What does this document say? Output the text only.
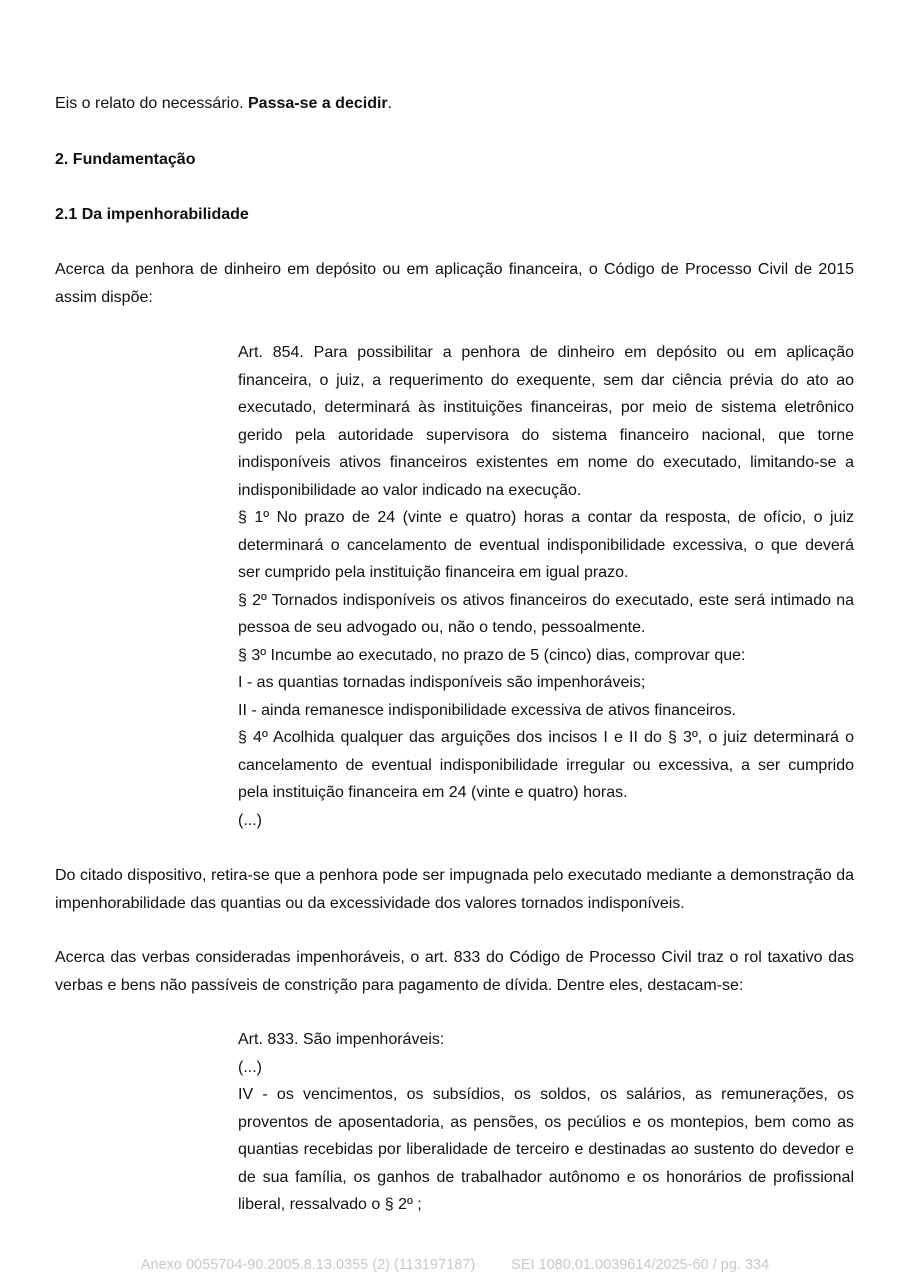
Eis o relato do necessário. Passa-se a decidir.

2. Fundamentação

2.1 Da impenhorabilidade

Acerca da penhora de dinheiro em depósito ou em aplicação financeira, o Código de Processo Civil de 2015 assim dispõe:

Art. 854. Para possibilitar a penhora de dinheiro em depósito ou em aplicação financeira, o juiz, a requerimento do exequente, sem dar ciência prévia do ato ao executado, determinará às instituições financeiras, por meio de sistema eletrônico gerido pela autoridade supervisora do sistema financeiro nacional, que torne indisponíveis ativos financeiros existentes em nome do executado, limitando-se a indisponibilidade ao valor indicado na execução.

§ 1º No prazo de 24 (vinte e quatro) horas a contar da resposta, de ofício, o juiz determinará o cancelamento de eventual indisponibilidade excessiva, o que deverá ser cumprido pela instituição financeira em igual prazo.

§ 2º Tornados indisponíveis os ativos financeiros do executado, este será intimado na pessoa de seu advogado ou, não o tendo, pessoalmente.

§ 3º Incumbe ao executado, no prazo de 5 (cinco) dias, comprovar que:

I - as quantias tornadas indisponíveis são impenhoráveis;

II - ainda remanesce indisponibilidade excessiva de ativos financeiros.

§ 4º Acolhida qualquer das arguições dos incisos I e II do § 3º, o juiz determinará o cancelamento de eventual indisponibilidade irregular ou excessiva, a ser cumprido pela instituição financeira em 24 (vinte e quatro) horas.

(...)

Do citado dispositivo, retira-se que a penhora pode ser impugnada pelo executado mediante a demonstração da impenhorabilidade das quantias ou da excessividade dos valores tornados indisponíveis.

Acerca das verbas consideradas impenhoráveis, o art. 833 do Código de Processo Civil traz o rol taxativo das verbas e bens não passíveis de constrição para pagamento de dívida. Dentre eles, destacam-se:

Art. 833. São impenhoráveis:

(...)

IV - os vencimentos, os subsídios, os soldos, os salários, as remunerações, os proventos de aposentadoria, as pensões, os pecúlios e os montepios, bem como as quantias recebidas por liberalidade de terceiro e destinadas ao sustento do devedor e de sua família, os ganhos de trabalhador autônomo e os honorários de profissional liberal, ressalvado o § 2º ;

Anexo 0055704-90.2005.8.13.0355 (2) (113197187) SEI 1080.01.0039614/2025-60 / pg. 334
